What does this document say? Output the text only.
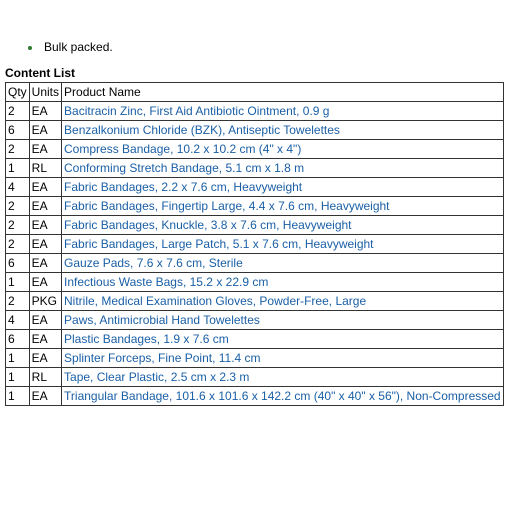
Bulk packed.
Content List
Qty	Units	Product Name
2	EA	Bacitracin Zinc, First Aid Antibiotic Ointment, 0.9 g
6	EA	Benzalkonium Chloride (BZK), Antiseptic Towelettes
2	EA	Compress Bandage, 10.2 x 10.2 cm (4" x 4")
1	RL	Conforming Stretch Bandage, 5.1 cm x 1.8 m
4	EA	Fabric Bandages, 2.2 x 7.6 cm, Heavyweight
2	EA	Fabric Bandages, Fingertip Large, 4.4 x 7.6 cm, Heavyweight
2	EA	Fabric Bandages, Knuckle, 3.8 x 7.6 cm, Heavyweight
2	EA	Fabric Bandages, Large Patch, 5.1 x 7.6 cm, Heavyweight
6	EA	Gauze Pads, 7.6 x 7.6 cm, Sterile
1	EA	Infectious Waste Bags, 15.2 x 22.9 cm
2	PKG	Nitrile, Medical Examination Gloves, Powder-Free, Large
4	EA	Paws, Antimicrobial Hand Towelettes
6	EA	Plastic Bandages, 1.9 x 7.6 cm
1	EA	Splinter Forceps, Fine Point, 11.4 cm
1	RL	Tape, Clear Plastic, 2.5 cm x 2.3 m
1	EA	Triangular Bandage, 101.6 x 101.6 x 142.2 cm (40" x 40" x 56"), Non-Compressed
